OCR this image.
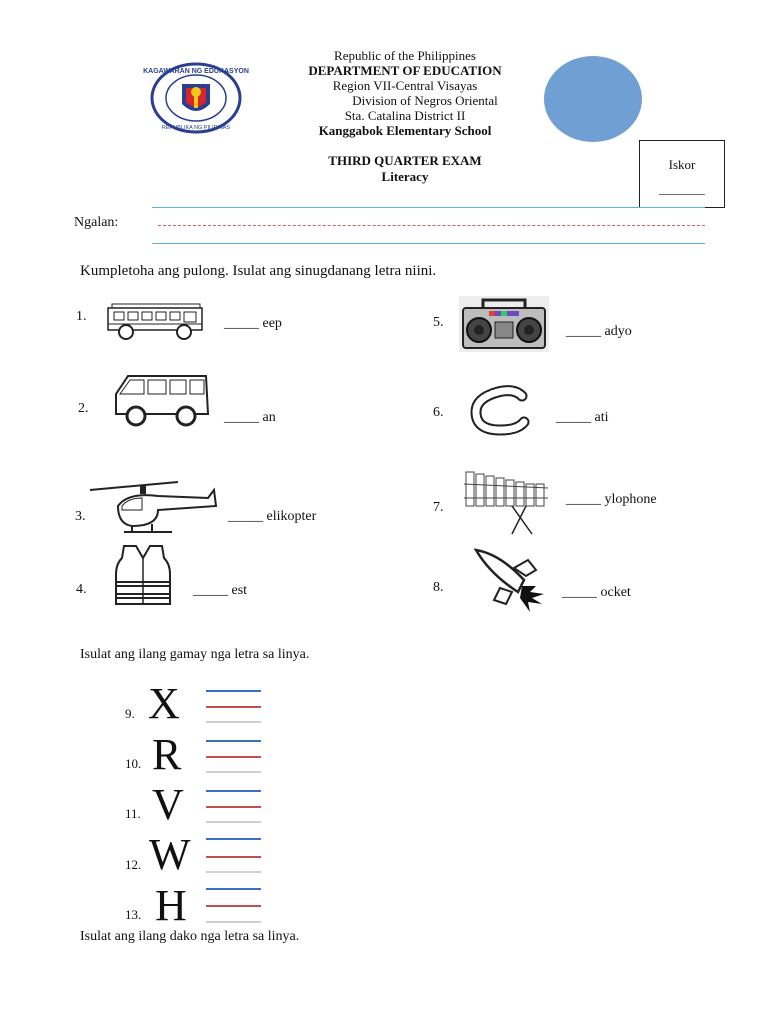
KAGAWARAN NG EDUKASYON
REPUBLIKA NG PILIPINAS
Republic of the Philippines
DEPARTMENT OF EDUCATION
Region VII-Central Visayas
Division of Negros Oriental
Sta. Catalina District II
Kanggabok Elementary School
THIRD QUARTER EXAM
Literacy
Iskor
_______
Ngalan:
Kumpletoha ang pulong. Isulat ang sinugdanang letra niini.
1.	_____ eep
2.
_____ an
3.	_____ elikopter
4.	_____ est
5.
_____ adyo
6.	_____ ati
7.
_____ ylophone
8.	_____ ocket
Isulat ang ilang gamay nga letra sa linya.
9. X
10. R
11. V
12. W
13. H
Isulat ang ilang dako nga letra sa linya.
